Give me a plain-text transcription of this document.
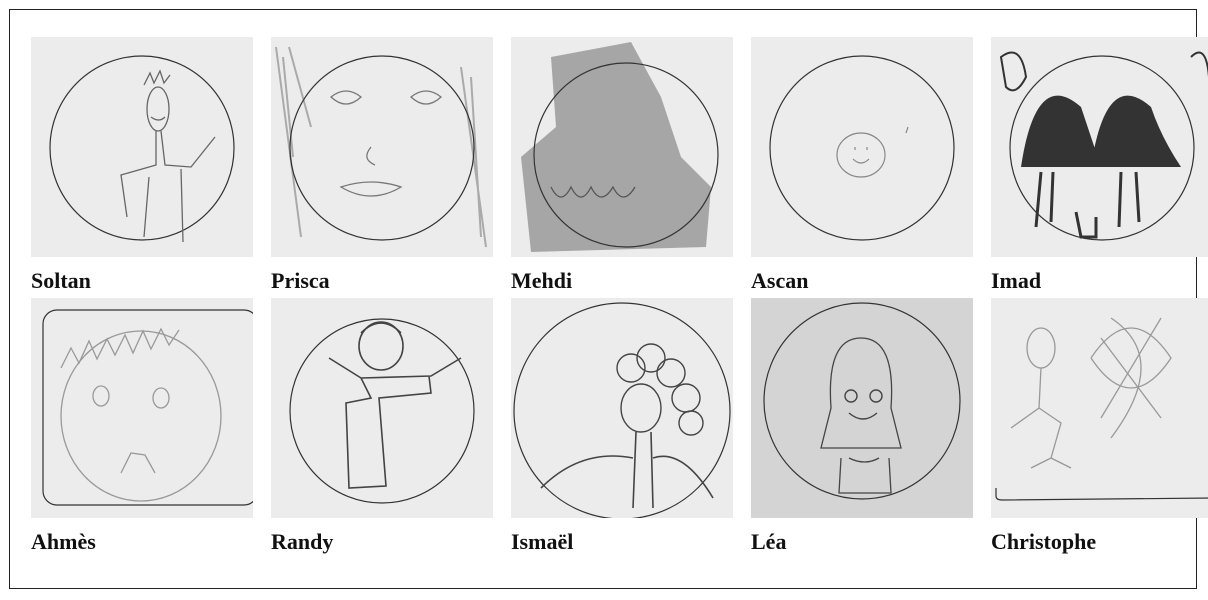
Soltan	Prisca	Mehdi	Ascan	Imad
Ahmès	Randy	Ismaël	Léa	Christophe
